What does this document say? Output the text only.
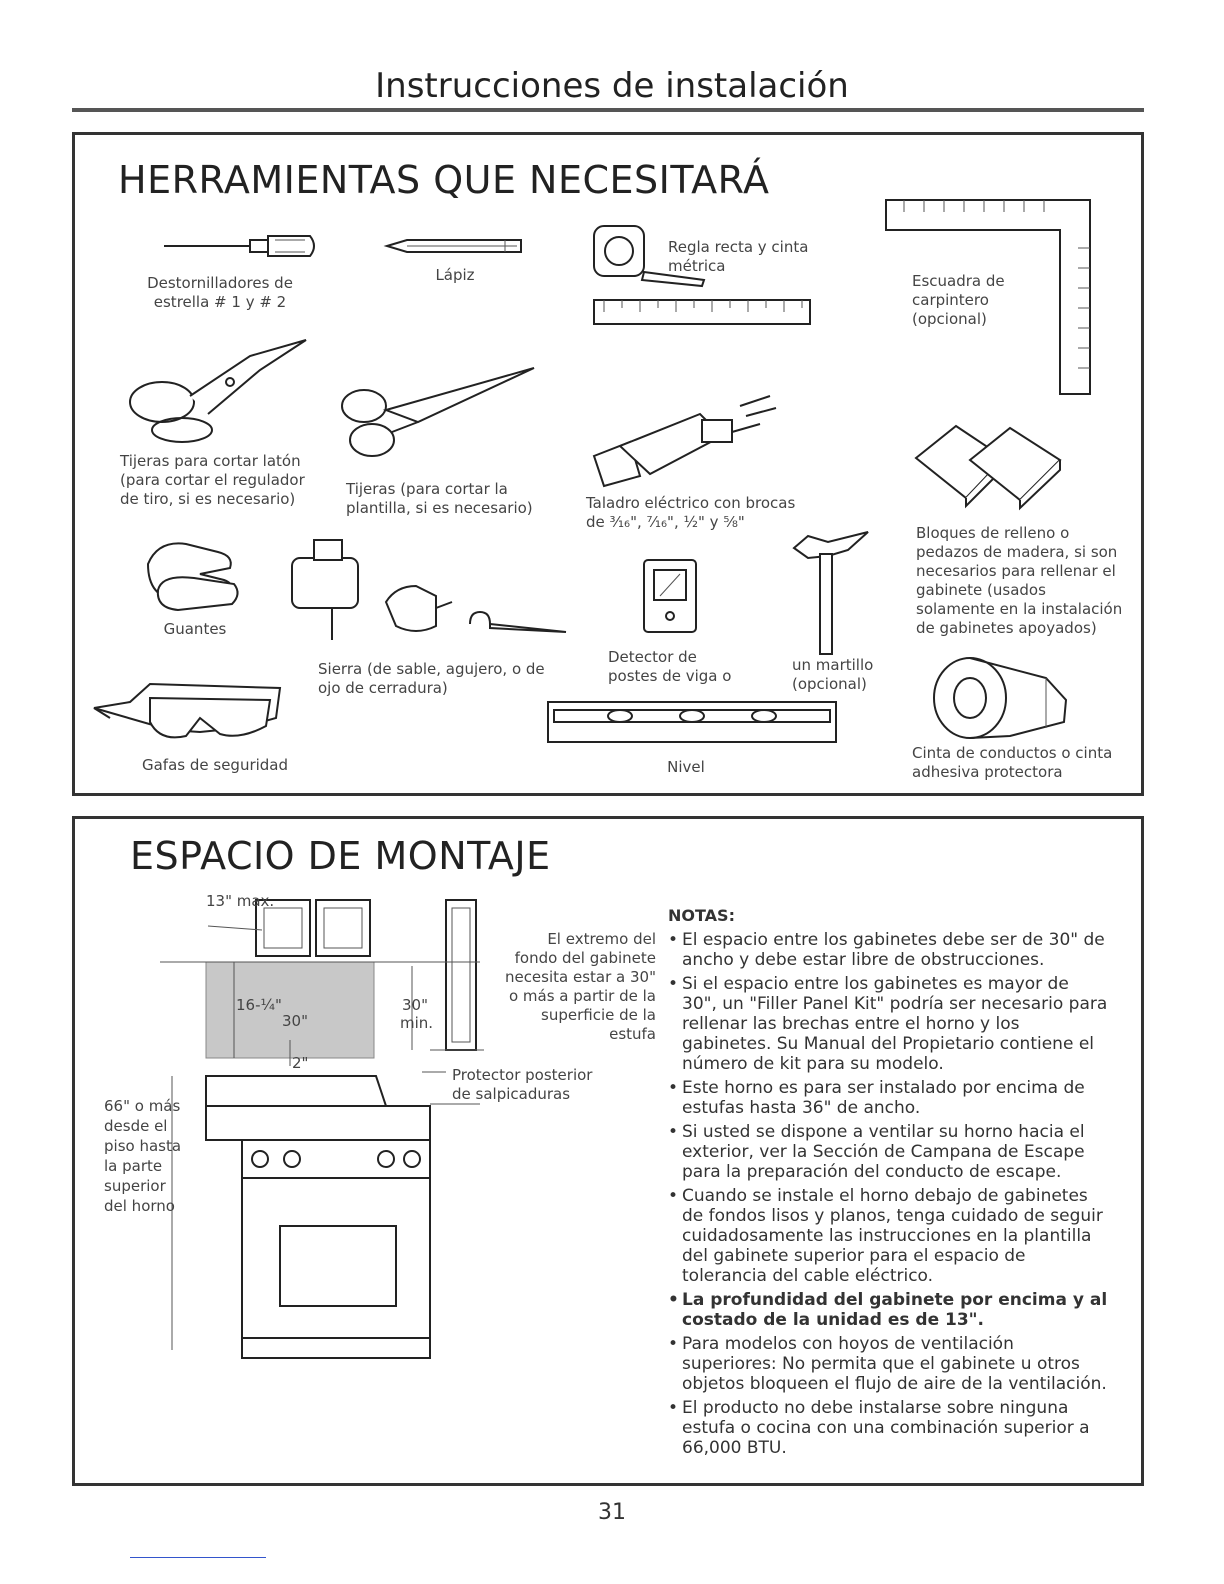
Instrucciones de instalación
HERRAMIENTAS QUE NECESITARÁ
Destornilladores de estrella # 1 y # 2
Lápiz
Regla recta y cinta métrica
Escuadra de carpintero (opcional)
Tijeras para cortar latón (para cortar el regulador de tiro, si es necesario)
Tijeras (para cortar la plantilla, si es necesario)	Taladro eléctrico con brocas de ³⁄₁₆", ⁷⁄₁₆", ½" y ⅝"
Bloques de relleno o pedazos de madera, si son necesarios para rellenar el gabinete (usados solamente en la instalación de gabinetes apoyados)
Guantes
Sierra (de sable, agujero, o de ojo de cerradura)
Detector de postes de viga o
un martillo (opcional)
Gafas de seguridad	Nivel
Cinta de conductos o cinta adhesiva protectora
ESPACIO DE MONTAJE
13" max.
16-¼"
30"
30"
min.
2"
66" o más desde el piso hasta la parte superior del horno
El extremo del fondo del gabinete necesita estar a 30" o más a partir de la superficie de la estufa
Protector posterior de salpicaduras
NOTAS:
• El espacio entre los gabinetes debe ser de 30" de ancho y debe estar libre de obstrucciones.
• Si el espacio entre los gabinetes es mayor de 30", un "Filler Panel Kit" podría ser necesario para rellenar las brechas entre el horno y los gabinetes. Su Manual del Propietario contiene el número de kit para su modelo.
• Este horno es para ser instalado por encima de estufas hasta 36" de ancho.
• Si usted se dispone a ventilar su horno hacia el exterior, ver la Sección de Campana de Escape para la preparación del conducto de escape.
• Cuando se instale el horno debajo de gabinetes de fondos lisos y planos, tenga cuidado de seguir cuidadosamente las instrucciones en la plantilla del gabinete superior para el espacio de tolerancia del cable eléctrico.
• La profundidad del gabinete por encima y al costado de la unidad es de 13".
• Para modelos con hoyos de ventilación superiores: No permita que el gabinete u otros objetos bloqueen el flujo de aire de la ventilación.
• El producto no debe instalarse sobre ninguna estufa o cocina con una combinación superior a 66,000 BTU.
31
